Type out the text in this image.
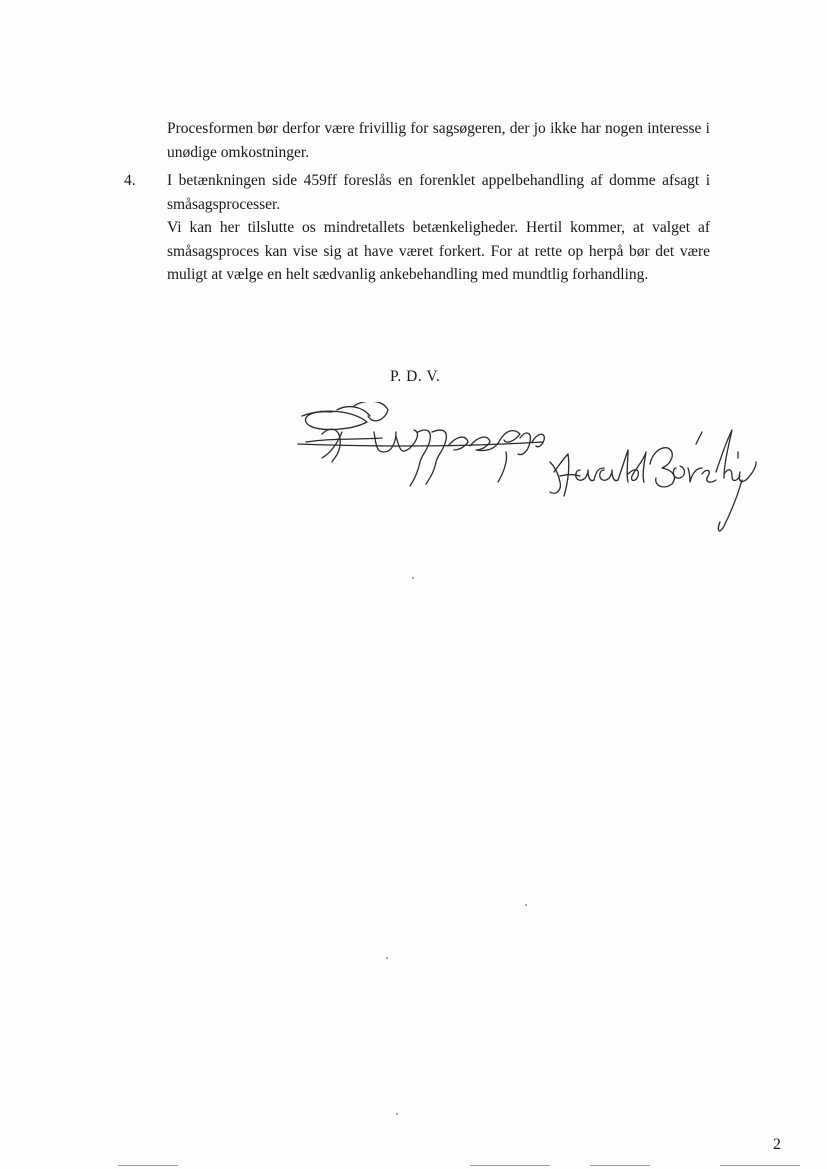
Procesformen bør derfor være frivillig for sagsøgeren, der jo ikke har nogen interesse i unødige omkostninger.

4. I betænkningen side 459ff foreslås en forenklet appelbehandling af domme afsagt i småsagsprocesser.

Vi kan her tilslutte os mindretallets betænkeligheder. Hertil kommer, at valget af småsagsproces kan vise sig at have været forkert. For at rette op herpå bør det være muligt at vælge en helt sædvanlig ankebehandling med mundtlig forhandling.

P. D. V.
2
